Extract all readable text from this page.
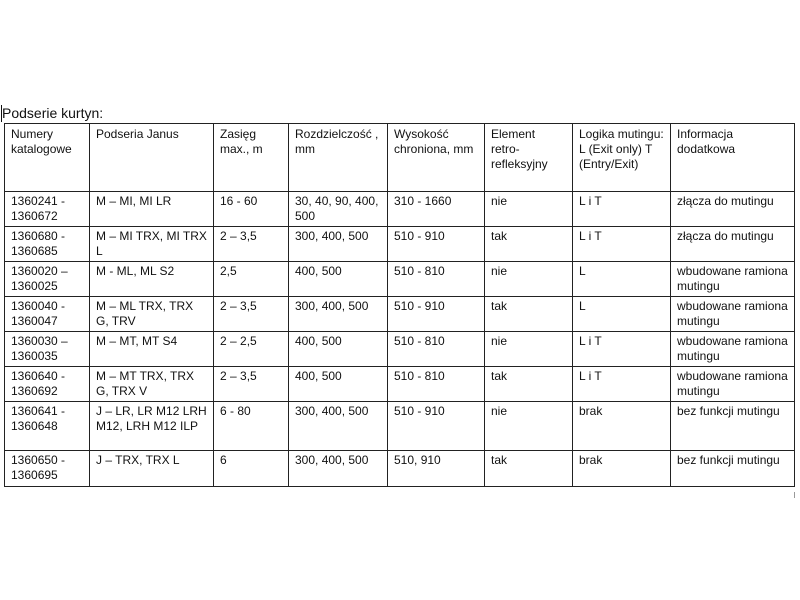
Podserie kurtyn:
Numery katalogowe	Podseria Janus	Zasięg max., m	Rozdzielczość , mm	Wysokość chroniona, mm	Element retro-refleksyjny	Logika mutingu: L (Exit only) T (Entry/Exit)	Informacja dodatkowa
1360241 - 1360672	M – MI, MI LR	16 - 60	30, 40, 90, 400, 500	310 - 1660	nie	L i T	złącza do mutingu
1360680 - 1360685	M – MI TRX, MI TRX L	2 – 3,5	300, 400, 500	510 - 910	tak	L i T	złącza do mutingu
1360020 – 1360025	M - ML, ML S2	2,5	400, 500	510 - 810	nie	L	wbudowane ramiona mutingu
1360040 - 1360047	M – ML TRX, TRX G, TRV	2 – 3,5	300, 400, 500	510 - 910	tak	L	wbudowane ramiona mutingu
1360030 – 1360035	M – MT, MT S4	2 – 2,5	400, 500	510 - 810	nie	L i T	wbudowane ramiona mutingu
1360640 - 1360692	M – MT TRX, TRX G, TRX V	2 – 3,5	400, 500	510 - 810	tak	L i T	wbudowane ramiona mutingu
1360641 - 1360648	J – LR, LR M12 LRH M12, LRH M12 ILP	6 - 80	300, 400, 500	510 - 910	nie	brak	bez funkcji mutingu
1360650 - 1360695	J – TRX, TRX L	6	300, 400, 500	510, 910	tak	brak	bez funkcji mutingu
